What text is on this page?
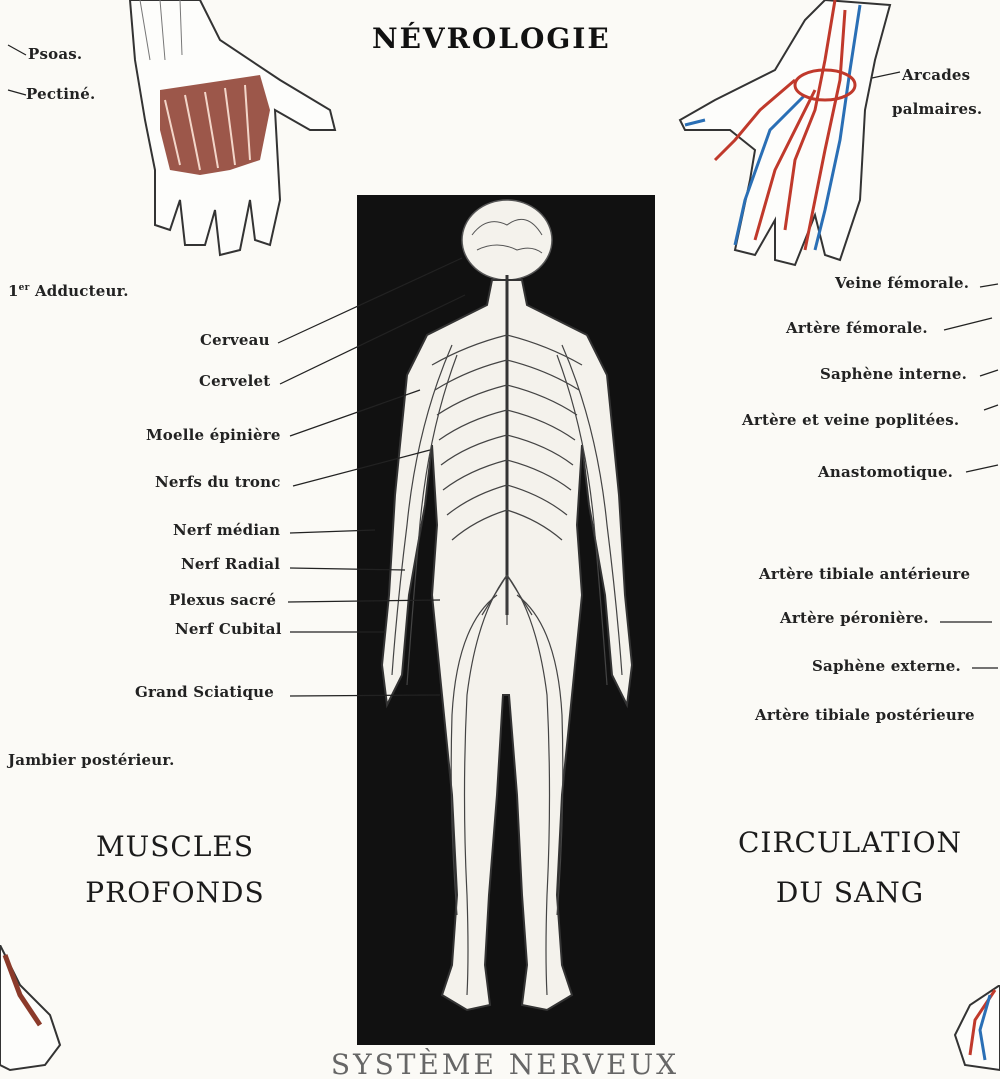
NÉVROLOGIE
Psoas.
Pectiné.
Arcades
palmaires.
1er Adducteur.
Jambier postérieur.
Cerveau
Cervelet
Moelle épinière
Nerfs du tronc
Nerf médian
Nerf Radial
Plexus sacré
Nerf Cubital
Grand Sciatique
Veine fémorale.
Artère fémorale.
Saphène interne.
Artère et veine poplitées.
Anastomotique.
Artère tibiale antérieure
Artère péronière.
Saphène externe.
Artère tibiale postérieure
MUSCLES
PROFONDS
CIRCULATION
DU SANG
SYSTÈME NERVEUX
